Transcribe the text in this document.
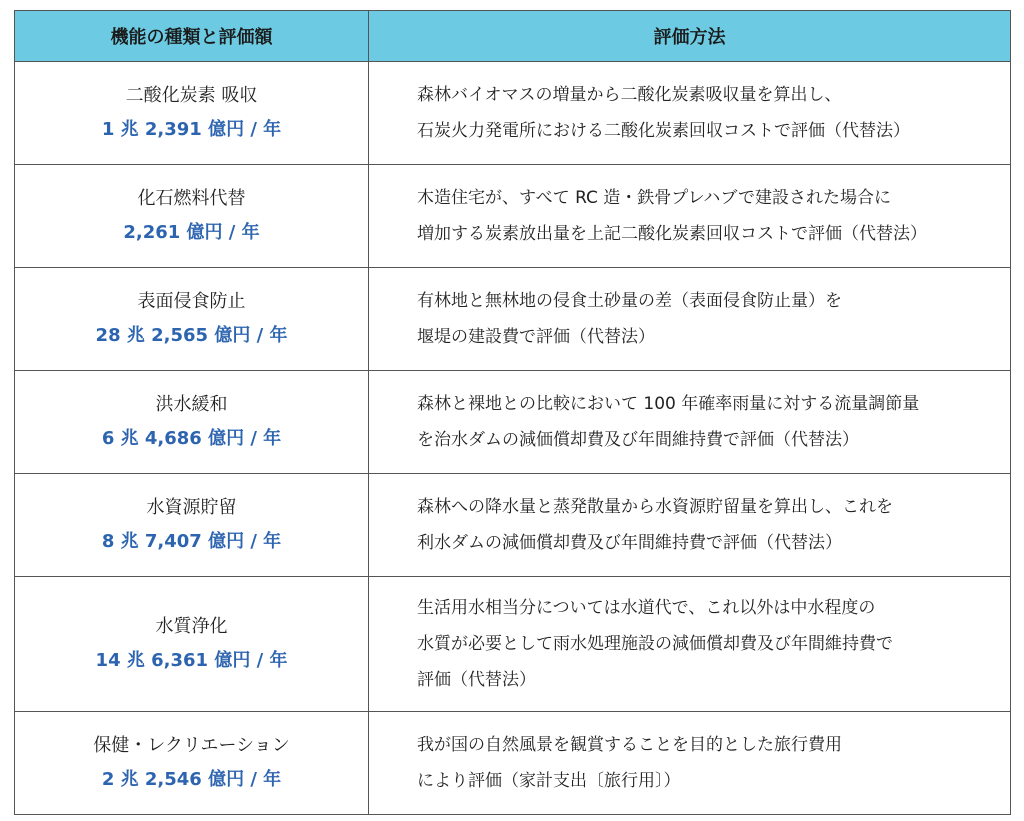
機能の種類と評価額	評価方法

二酸化炭素 吸収
1 兆 2,391 億円 / 年	森林バイオマスの増量から二酸化炭素吸収量を算出し、
石炭火力発電所における二酸化炭素回収コストで評価（代替法）

化石燃料代替
2,261 億円 / 年	木造住宅が、すべて RC 造・鉄骨プレハブで建設された場合に
増加する炭素放出量を上記二酸化炭素回収コストで評価（代替法）

表面侵食防止
28 兆 2,565 億円 / 年	有林地と無林地の侵食土砂量の差（表面侵食防止量）を
堰堤の建設費で評価（代替法）

洪水緩和
6 兆 4,686 億円 / 年	森林と裸地との比較において 100 年確率雨量に対する流量調節量
を治水ダムの減価償却費及び年間維持費で評価（代替法）

水資源貯留
8 兆 7,407 億円 / 年	森林への降水量と蒸発散量から水資源貯留量を算出し、これを
利水ダムの減価償却費及び年間維持費で評価（代替法）

水質浄化
14 兆 6,361 億円 / 年	生活用水相当分については水道代で、これ以外は中水程度の
水質が必要として雨水処理施設の減価償却費及び年間維持費で
評価（代替法）

保健・レクリエーション
2 兆 2,546 億円 / 年	我が国の自然風景を観賞することを目的とした旅行費用
により評価（家計支出〔旅行用〕）
